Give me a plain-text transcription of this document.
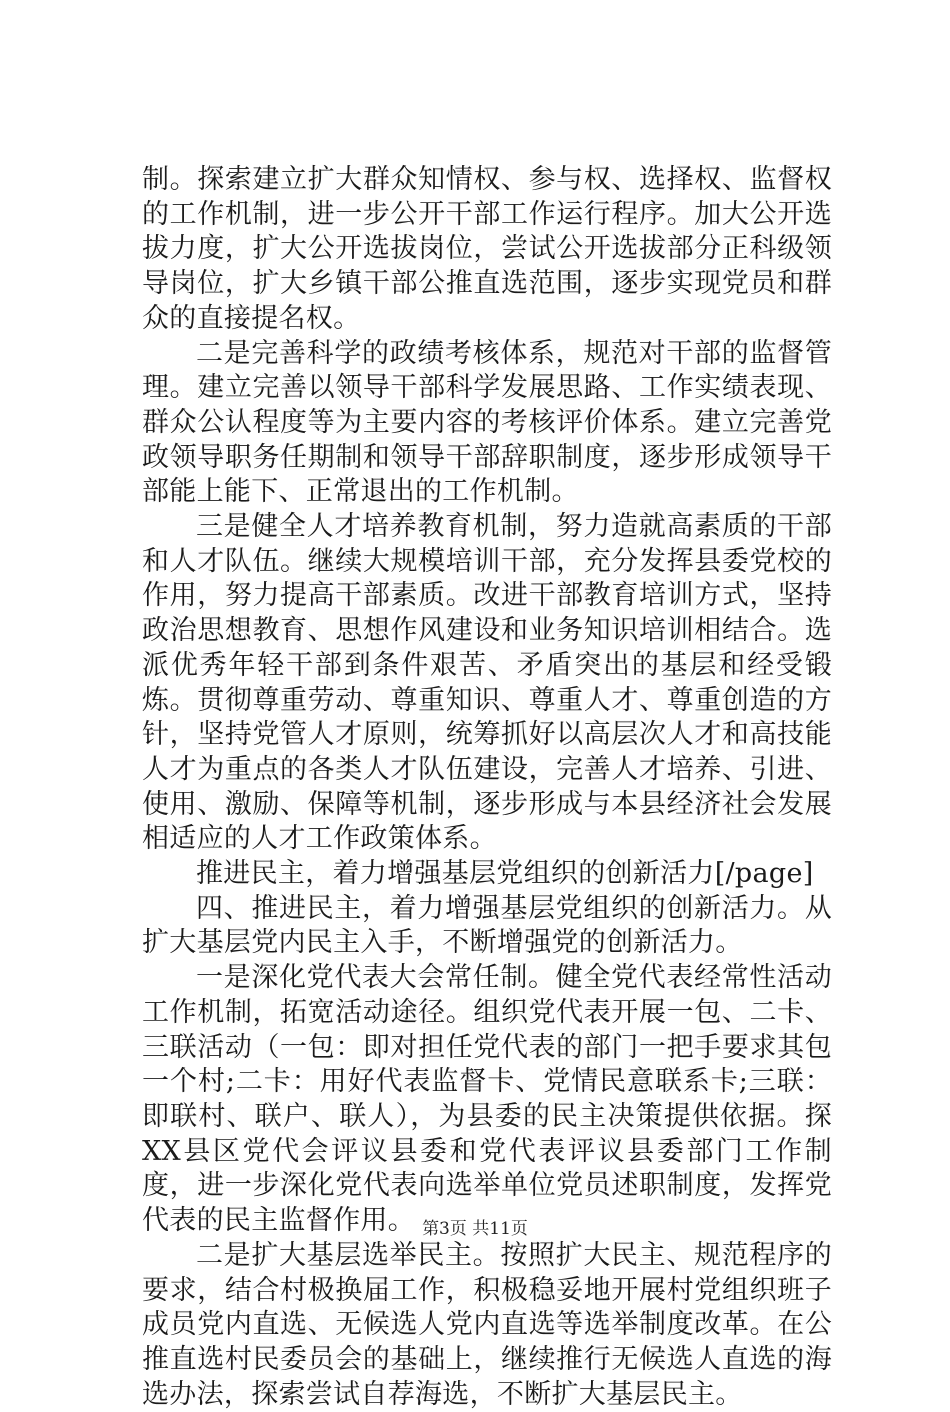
制。探索建立扩大群众知情权、参与权、选择权、监督权的工作机制，进一步公开干部工作运行程序。加大公开选拔力度，扩大公开选拔岗位，尝试公开选拔部分正科级领导岗位，扩大乡镇干部公推直选范围，逐步实现党员和群众的直接提名权。

二是完善科学的政绩考核体系，规范对干部的监督管理。建立完善以领导干部科学发展思路、工作实绩表现、群众公认程度等为主要内容的考核评价体系。建立完善党政领导职务任期制和领导干部辞职制度，逐步形成领导干部能上能下、正常退出的工作机制。

三是健全人才培养教育机制，努力造就高素质的干部和人才队伍。继续大规模培训干部，充分发挥县委党校的作用，努力提高干部素质。改进干部教育培训方式，坚持政治思想教育、思想作风建设和业务知识培训相结合。选派优秀年轻干部到条件艰苦、矛盾突出的基层和经受锻炼。贯彻尊重劳动、尊重知识、尊重人才、尊重创造的方针，坚持党管人才原则，统筹抓好以高层次人才和高技能人才为重点的各类人才队伍建设，完善人才培养、引进、使用、激励、保障等机制，逐步形成与本县经济社会发展相适应的人才工作政策体系。

推进民主，着力增强基层党组织的创新活力[/page]

四、推进民主，着力增强基层党组织的创新活力。从扩大基层党内民主入手，不断增强党的创新活力。

一是深化党代表大会常任制。健全党代表经常性活动工作机制，拓宽活动途径。组织党代表开展一包、二卡、三联活动（一包：即对担任党代表的部门一把手要求其包一个村;二卡：用好代表监督卡、党情民意联系卡;三联：即联村、联户、联人），为县委的民主决策提供依据。探XX县区党代会评议县委和党代表评议县委部门工作制度，进一步深化党代表向选举单位党员述职制度，发挥党代表的民主监督作用。

二是扩大基层选举民主。按照扩大民主、规范程序的要求，结合村极换届工作，积极稳妥地开展村党组织班子成员党内直选、无候选人党内直选等选举制度改革。在公推直选村民委员会的基础上，继续推行无候选人直选的海选办法，探索尝试自荐海选，不断扩大基层民主。

第3页 共11页
